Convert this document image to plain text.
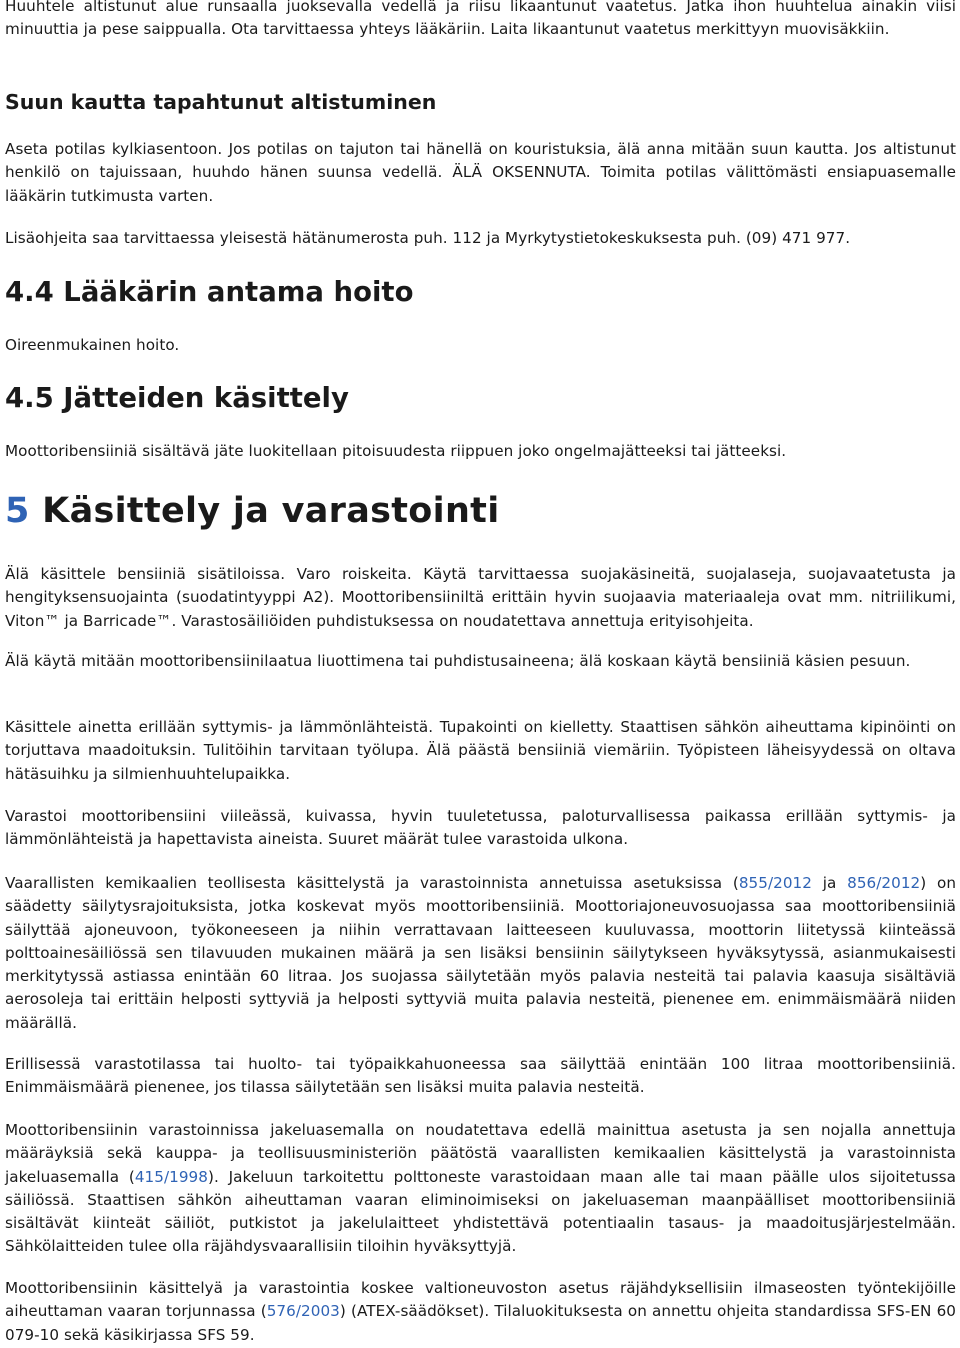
Huuhtele altistunut alue runsaalla juoksevalla vedellä ja riisu likaantunut vaatetus. Jatka ihon huuhtelua ainakin viisi minuuttia ja pese saippualla. Ota tarvittaessa yhteys lääkäriin. Laita likaantunut vaatetus merkittyyn muovisäkkiin.

Suun kautta tapahtunut altistuminen

Aseta potilas kylkiasentoon. Jos potilas on tajuton tai hänellä on kouristuksia, älä anna mitään suun kautta. Jos altistunut henkilö on tajuissaan, huuhdo hänen suunsa vedellä. ÄLÄ OKSENNUTA. Toimita potilas välittömästi ensiapuasemalle lääkärin tutkimusta varten.

Lisäohjeita saa tarvittaessa yleisestä hätänumerosta puh. 112 ja Myrkytystietokeskuksesta puh. (09) 471 977.

4.4 Lääkärin antama hoito

Oireenmukainen hoito.

4.5 Jätteiden käsittely

Moottoribensiiniä sisältävä jäte luokitellaan pitoisuudesta riippuen joko ongelmajätteeksi tai jätteeksi.

5 Käsittely ja varastointi

Älä käsittele bensiiniä sisätiloissa. Varo roiskeita. Käytä tarvittaessa suojakäsineitä, suojalaseja, suojavaatetusta ja hengityksensuojainta (suodatintyyppi A2). Moottoribensiiniltä erittäin hyvin suojaavia materiaaleja ovat mm. nitriilikumi, Viton™ ja Barricade™. Varastosäiliöiden puhdistuksessa on noudatettava annettuja erityisohjeita.

Älä käytä mitään moottoribensiinilaatua liuottimena tai puhdistusaineena; älä koskaan käytä bensiiniä käsien pesuun.

Käsittele ainetta erillään syttymis- ja lämmönlähteistä. Tupakointi on kielletty. Staattisen sähkön aiheuttama kipinöinti on torjuttava maadoituksin. Tulitöihin tarvitaan työlupa. Älä päästä bensiiniä viemäriin. Työpisteen läheisyydessä on oltava hätäsuihku ja silmienhuuhtelupaikka.

Varastoi moottoribensiini viileässä, kuivassa, hyvin tuuletetussa, paloturvallisessa paikassa erillään syttymis- ja lämmönlähteistä ja hapettavista aineista. Suuret määrät tulee varastoida ulkona.

Vaarallisten kemikaalien teollisesta käsittelystä ja varastoinnista annetuissa asetuksissa (855/2012 ja 856/2012) on säädetty säilytysrajoituksista, jotka koskevat myös moottoribensiiniä. Moottoriajoneuvosuojassa saa moottoribensiiniä säilyttää ajoneuvoon, työkoneeseen ja niihin verrattavaan laitteeseen kuuluvassa, moottorin liitetyssä kiinteässä polttoainesäiliössä sen tilavuuden mukainen määrä ja sen lisäksi bensiinin säilytykseen hyväksytyssä, asianmukaisesti merkitytyssä astiassa enintään 60 litraa. Jos suojassa säilytetään myös palavia nesteitä tai palavia kaasuja sisältäviä aerosoleja tai erittäin helposti syttyviä ja helposti syttyviä muita palavia nesteitä, pienenee em. enimmäismäärä niiden määrällä.

Erillisessä varastotilassa tai huolto- tai työpaikkahuoneessa saa säilyttää enintään 100 litraa moottoribensiiniä. Enimmäismäärä pienenee, jos tilassa säilytetään sen lisäksi muita palavia nesteitä.

Moottoribensiinin varastoinnissa jakeluasemalla on noudatettava edellä mainittua asetusta ja sen nojalla annettuja määräyksiä sekä kauppa- ja teollisuusministeriön päätöstä vaarallisten kemikaalien käsittelystä ja varastoinnista jakeluasemalla (415/1998). Jakeluun tarkoitettu polttoneste varastoidaan maan alle tai maan päälle ulos sijoitetussa säiliössä. Staattisen sähkön aiheuttaman vaaran eliminoimiseksi on jakeluaseman maanpäälliset moottoribensiiniä sisältävät kiinteät säiliöt, putkistot ja jakelulaitteet yhdistettävä potentiaalin tasaus- ja maadoitusjärjestelmään. Sähkölaitteiden tulee olla räjähdysvaarallisiin tiloihin hyväksyttyjä.

Moottoribensiinin käsittelyä ja varastointia koskee valtioneuvoston asetus räjähdyksellisiin ilmaseosten työntekijöille aiheuttaman vaaran torjunnassa (576/2003) (ATEX-säädökset). Tilaluokituksesta on annettu ohjeita standardissa SFS-EN 60 079-10 sekä käsikirjassa SFS 59.
